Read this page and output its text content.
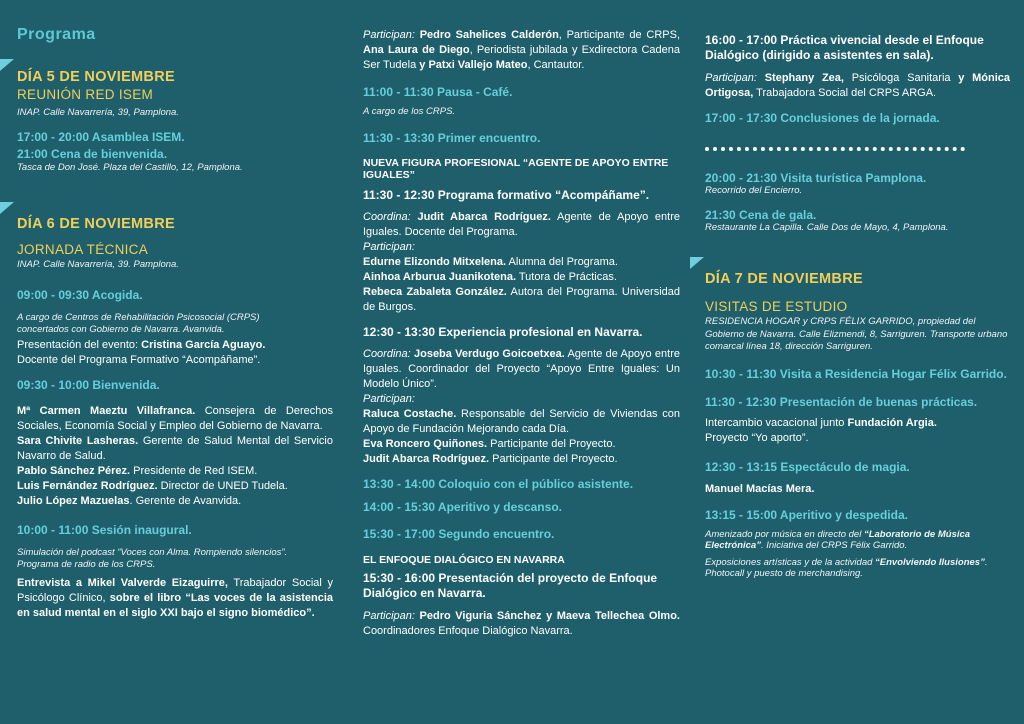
Programa
DÍA 5 DE NOVIEMBRE
REUNIÓN RED ISEM
INAP. Calle Navarrería, 39, Pamplona.
17:00 - 20:00 Asamblea ISEM.
21:00 Cena de bienvenida.
Tasca de Don José. Plaza del Castillo, 12, Pamplona.
DÍA 6 DE NOVIEMBRE
JORNADA TÉCNICA
INAP. Calle Navarrería, 39. Pamplona.
09:00 - 09:30 Acogida.
A cargo de Centros de Rehabilitación Psicosocial (CRPS)
concertados con Gobierno de Navarra. Avanvida.
Presentación del evento: Cristina García Aguayo.
Docente del Programa Formativo “Acompáñame”.
09:30 - 10:00 Bienvenida.
Mª Carmen Maeztu Villafranca. Consejera de Derechos Sociales, Economía Social y Empleo del Gobierno de Navarra.
Sara Chivite Lasheras. Gerente de Salud Mental del Servicio Navarro de Salud.
Pablo Sánchez Pérez. Presidente de Red ISEM.
Luis Fernández Rodríguez. Director de UNED Tudela.
Julio López Mazuelas. Gerente de Avanvida.
10:00 - 11:00 Sesión inaugural.
Simulación del podcast “Voces con Alma. Rompiendo silencios”.
Programa de radio de los CRPS.
Entrevista a Mikel Valverde Eizaguirre, Trabajador Social y Psicólogo Clínico, sobre el libro “Las voces de la asistencia en salud mental en el siglo XXI bajo el signo biomédico”.
Participan: Pedro Sahelices Calderón, Participante de CRPS, Ana Laura de Diego, Periodista jubilada y Exdirectora Cadena Ser Tudela y Patxi Vallejo Mateo, Cantautor.
11:00 - 11:30 Pausa - Café.
A cargo de los CRPS.
11:30 - 13:30 Primer encuentro.
NUEVA FIGURA PROFESIONAL “AGENTE DE APOYO ENTRE IGUALES”
11:30 - 12:30 Programa formativo “Acompáñame”.
Coordina: Judit Abarca Rodríguez. Agente de Apoyo entre Iguales. Docente del Programa.
Participan:
Edurne Elizondo Mitxelena. Alumna del Programa.
Ainhoa Arburua Juanikotena. Tutora de Prácticas.
Rebeca Zabaleta González. Autora del Programa. Universidad de Burgos.
12:30 - 13:30 Experiencia profesional en Navarra.
Coordina: Joseba Verdugo Goicoetxea. Agente de Apoyo entre Iguales. Coordinador del Proyecto “Apoyo Entre Iguales: Un Modelo Único”.
Participan:
Raluca Costache. Responsable del Servicio de Viviendas con Apoyo de Fundación Mejorando cada Día.
Eva Roncero Quiñones. Participante del Proyecto.
Judit Abarca Rodríguez. Participante del Proyecto.
13:30 - 14:00 Coloquio con el público asistente.
14:00 - 15:30 Aperitivo y descanso.
15:30 - 17:00 Segundo encuentro.
EL ENFOQUE DIALÓGICO EN NAVARRA
15:30 - 16:00 Presentación del proyecto de Enfoque Dialógico en Navarra.
Participan: Pedro Viguria Sánchez y Maeva Tellechea Olmo. Coordinadores Enfoque Dialógico Navarra.
16:00 - 17:00 Práctica vivencial desde el Enfoque Dialógico (dirigido a asistentes en sala).
Participan: Stephany Zea, Psicóloga Sanitaria y Mónica Ortigosa, Trabajadora Social del CRPS ARGA.
17:00 - 17:30 Conclusiones de la jornada.
20:00 - 21:30 Visita turística Pamplona.
Recorrido del Encierro.
21:30 Cena de gala.
Restaurante La Capilla. Calle Dos de Mayo, 4, Pamplona.
DÍA 7 DE NOVIEMBRE
VISITAS DE ESTUDIO
RESIDENCIA HOGAR y CRPS FÉLIX GARRIDO, propiedad del Gobierno de Navarra. Calle Elizmendi, 8, Sarriguren. Transporte urbano comarcal línea 18, dirección Sarriguren.
10:30 - 11:30 Visita a Residencia Hogar Félix Garrido.
11:30 - 12:30 Presentación de buenas prácticas.
Intercambio vacacional junto Fundación Argia.
Proyecto “Yo aporto”.
12:30 - 13:15 Espectáculo de magia.
Manuel Macías Mera.
13:15 - 15:00 Aperitivo y despedida.
Amenizado por música en directo del “Laboratorio de Música Electrónica”. Iniciativa del CRPS Félix Garrido.
Exposiciones artísticas y de la actividad “Envolviendo Ilusiones”. Photocall y puesto de merchandising.
